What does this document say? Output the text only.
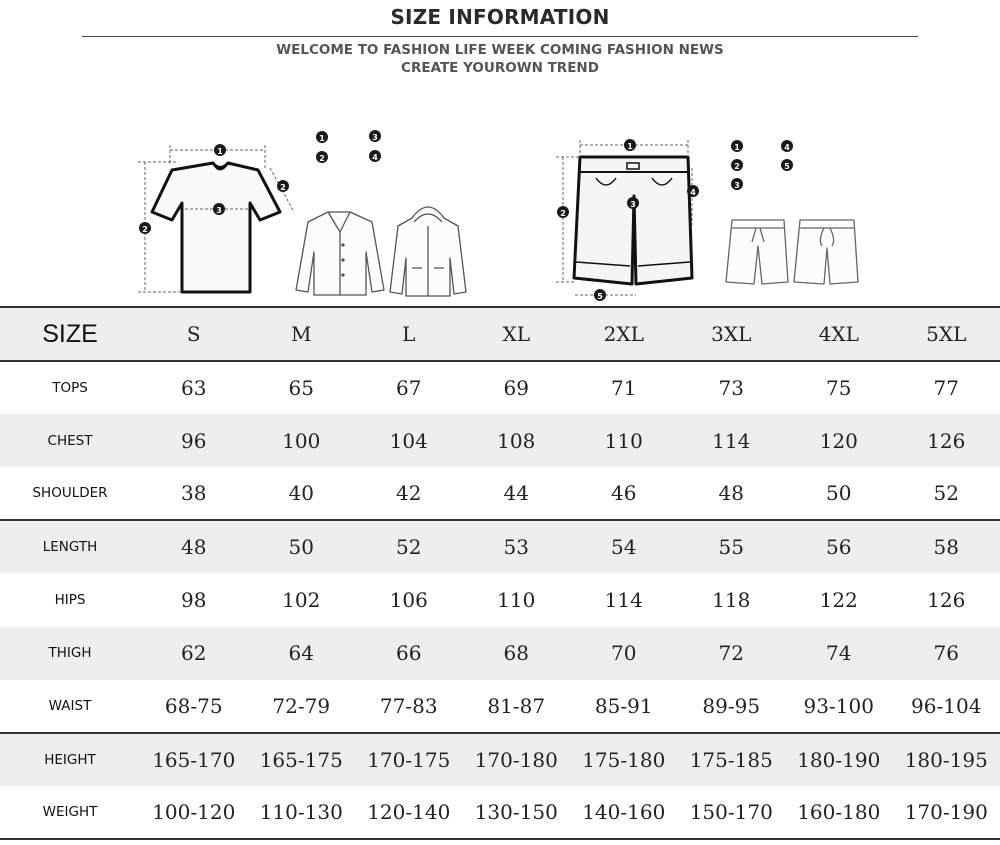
SIZE INFORMATION
WELCOME TO FASHION LIFE WEEK COMING FASHION NEWS
CREATE YOUROWN TREND
1
2
3
2
1	3
2	4
1
2
3
4
5
1	4
2	5
3
SIZE	S	M	L	XL	2XL	3XL	4XL	5XL
TOPS	63	65	67	69	71	73	75	77
CHEST	96	100	104	108	110	114	120	126
SHOULDER	38	40	42	44	46	48	50	52
LENGTH	48	50	52	53	54	55	56	58
HIPS	98	102	106	110	114	118	122	126
THIGH	62	64	66	68	70	72	74	76
WAIST	68-75	72-79	77-83	81-87	85-91	89-95	93-100	96-104
HEIGHT	165-170	165-175	170-175	170-180	175-180	175-185	180-190	180-195
WEIGHT	100-120	110-130	120-140	130-150	140-160	150-170	160-180	170-190
